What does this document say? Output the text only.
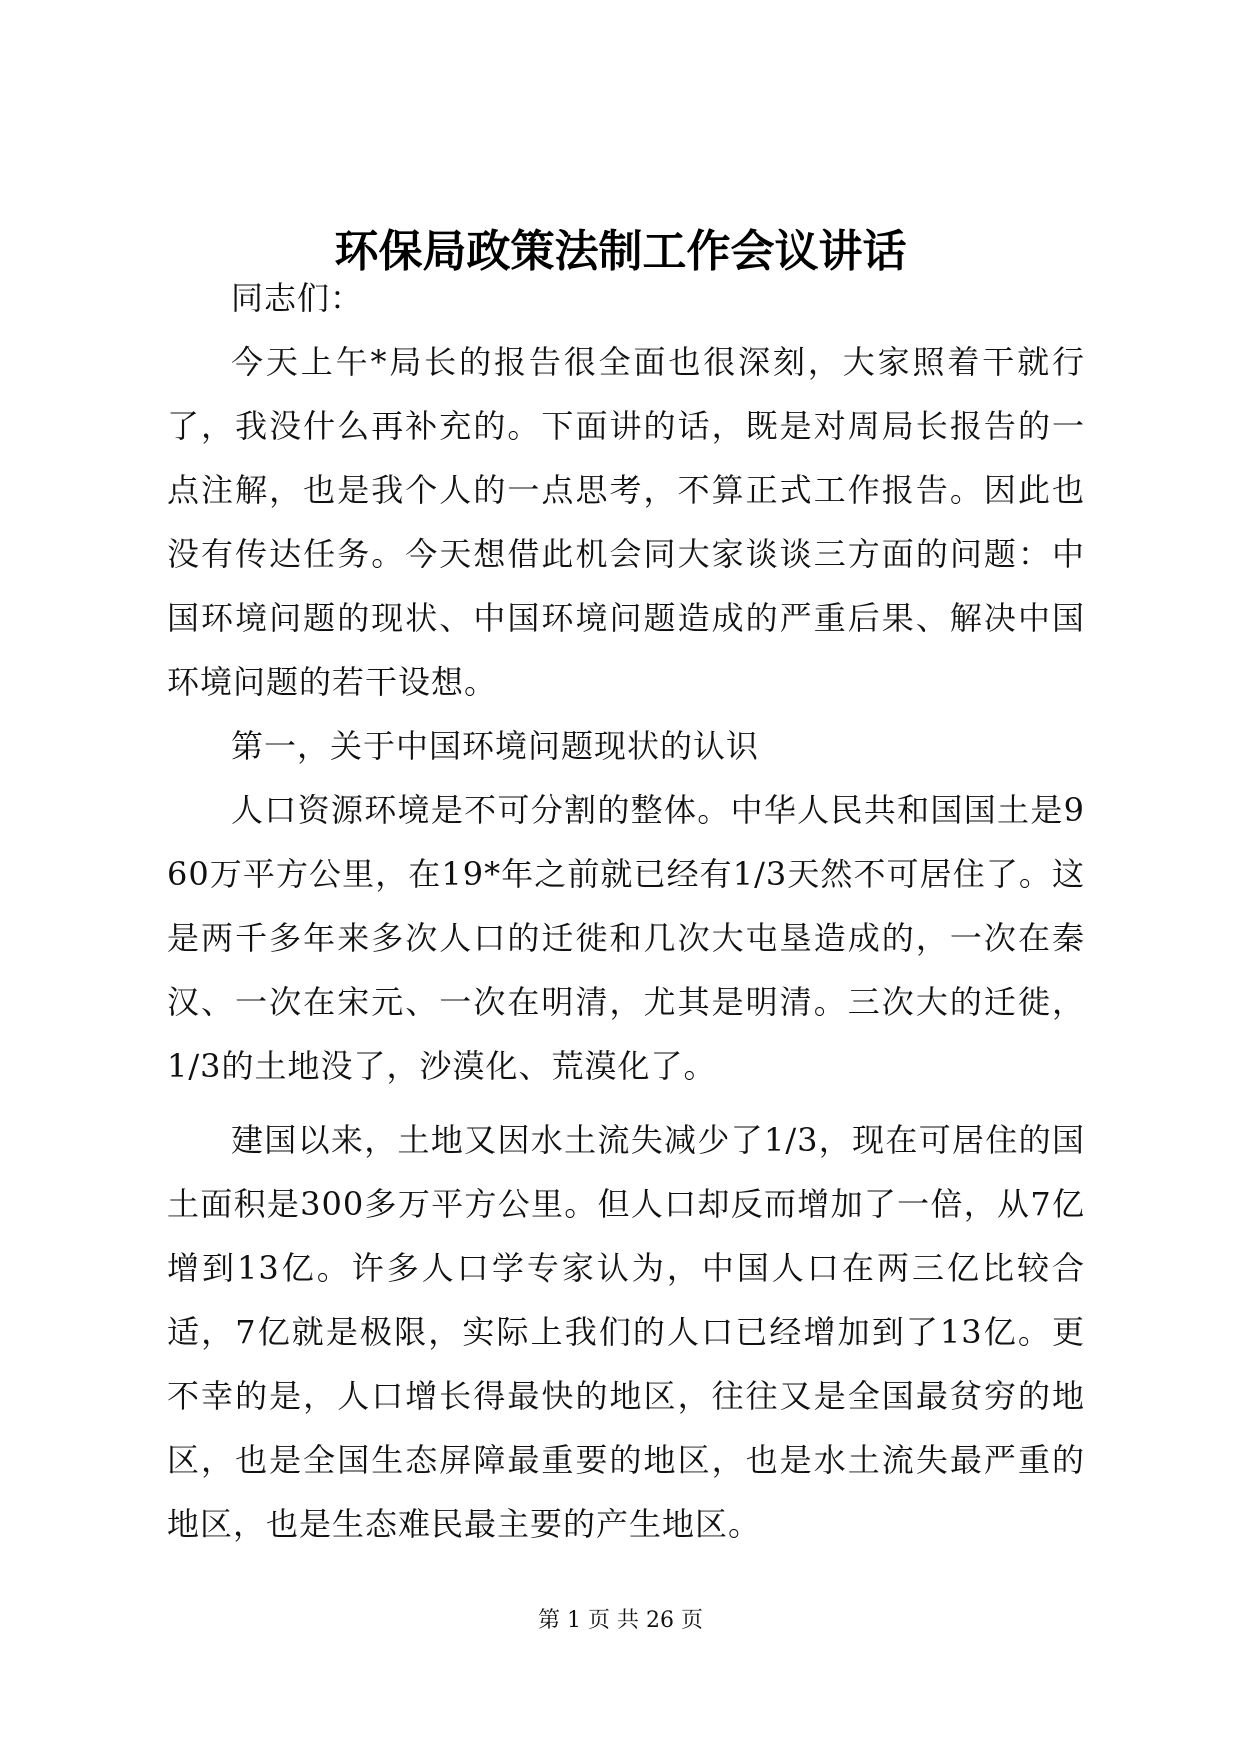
环保局政策法制工作会议讲话

同志们：

今天上午*局长的报告很全面也很深刻，大家照着干就行了，我没什么再补充的。下面讲的话，既是对周局长报告的一点注解，也是我个人的一点思考，不算正式工作报告。因此也没有传达任务。今天想借此机会同大家谈谈三方面的问题：中国环境问题的现状、中国环境问题造成的严重后果、解决中国环境问题的若干设想。

第一，关于中国环境问题现状的认识

人口资源环境是不可分割的整体。中华人民共和国国土是960万平方公里，在19*年之前就已经有1/3天然不可居住了。这是两千多年来多次人口的迁徙和几次大屯垦造成的，一次在秦汉、一次在宋元、一次在明清，尤其是明清。三次大的迁徙，1/3的土地没了，沙漠化、荒漠化了。

建国以来，土地又因水土流失减少了1/3，现在可居住的国土面积是300多万平方公里。但人口却反而增加了一倍，从7亿增到13亿。许多人口学专家认为，中国人口在两三亿比较合适，7亿就是极限，实际上我们的人口已经增加到了13亿。更不幸的是，人口增长得最快的地区，往往又是全国最贫穷的地区，也是全国生态屏障最重要的地区，也是水土流失最严重的地区，也是生态难民最主要的产生地区。

第 1 页 共 26 页
